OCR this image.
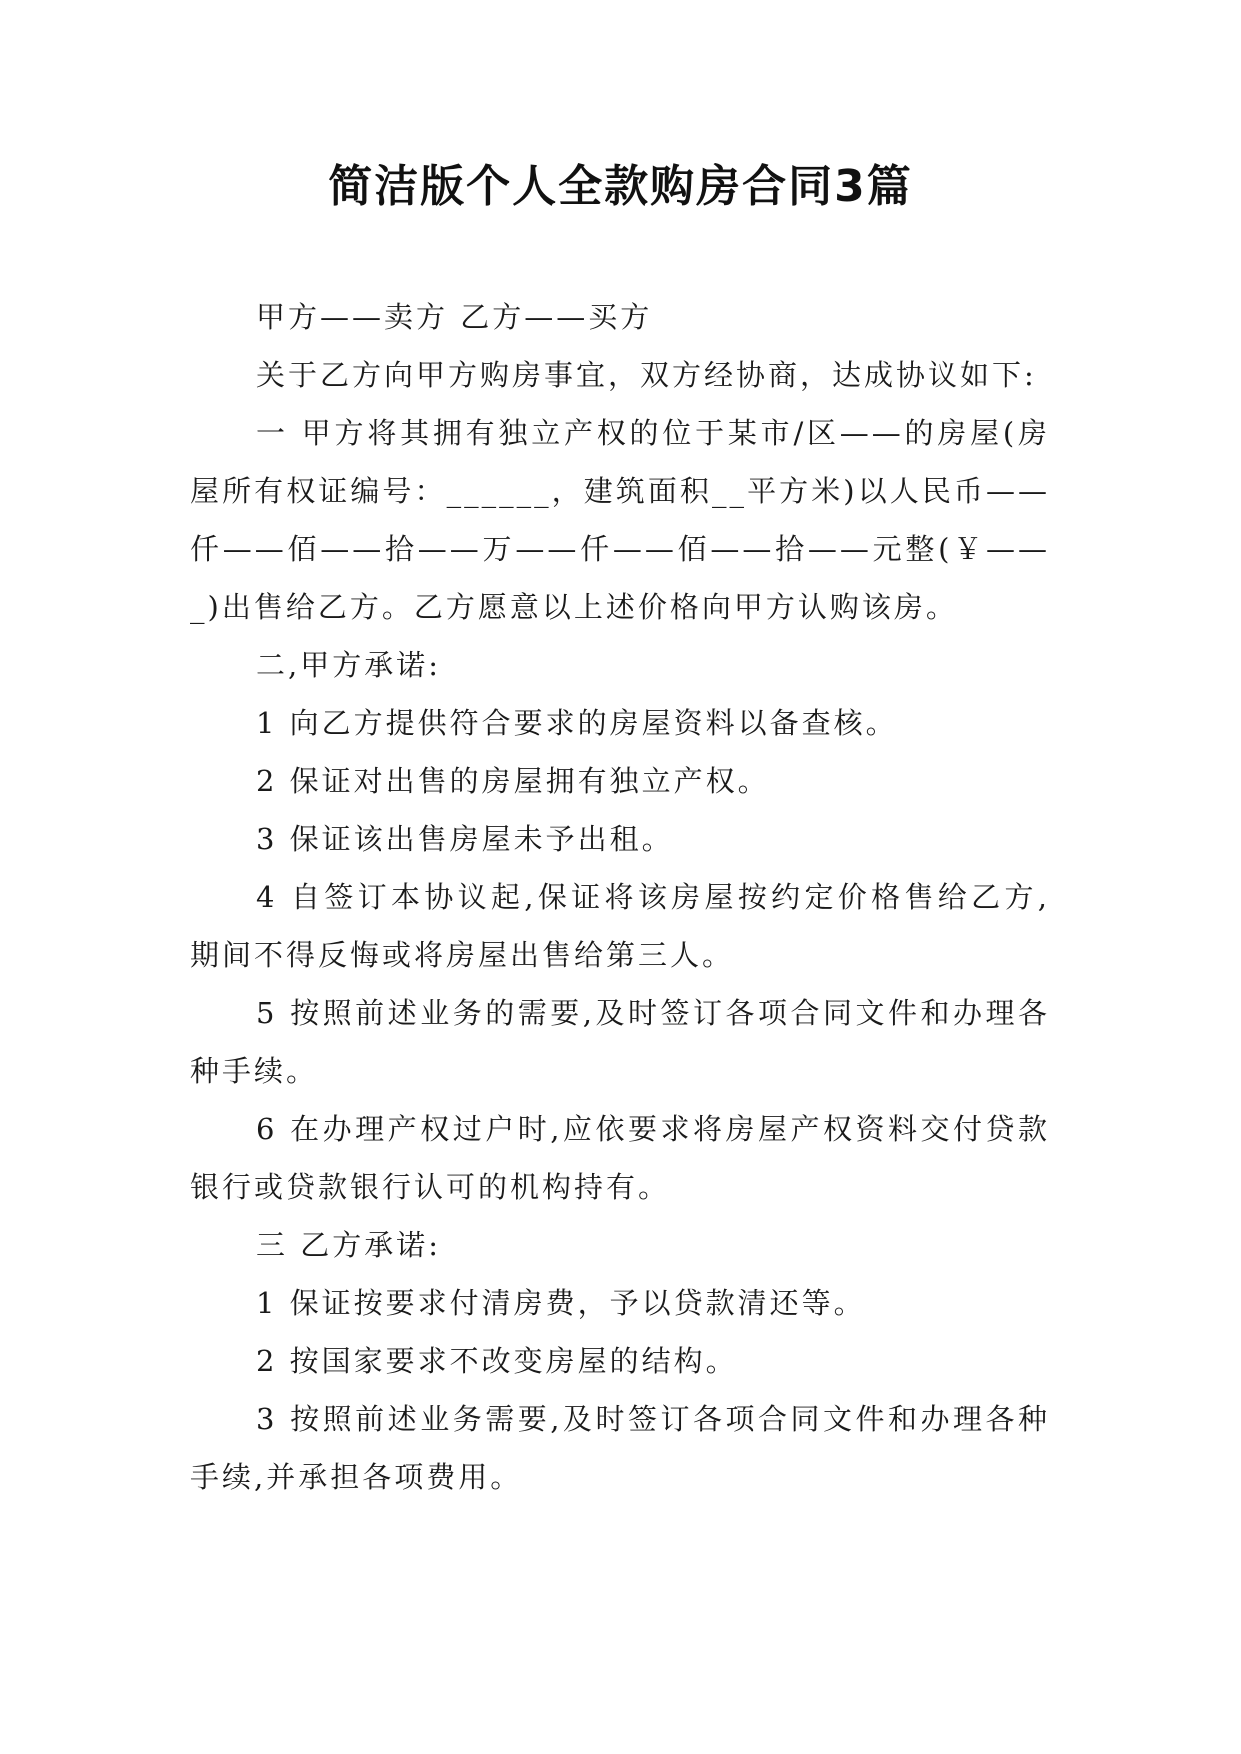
简洁版个人全款购房合同3篇

甲方——卖方 乙方——买方

关于乙方向甲方购房事宜，双方经协商，达成协议如下:

一 甲方将其拥有独立产权的位于某市/区——的房屋(房屋所有权证编号：______，建筑面积__平方米)以人民币——仟——佰——拾——万——仟——佰——拾——元整(￥——_)出售给乙方。乙方愿意以上述价格向甲方认购该房。

二,甲方承诺:

1 向乙方提供符合要求的房屋资料以备查核。

2 保证对出售的房屋拥有独立产权。

3 保证该出售房屋未予出租。

4 自签订本协议起,保证将该房屋按约定价格售给乙方,期间不得反悔或将房屋出售给第三人。

5 按照前述业务的需要,及时签订各项合同文件和办理各种手续。

6 在办理产权过户时,应依要求将房屋产权资料交付贷款银行或贷款银行认可的机构持有。

三 乙方承诺:

1 保证按要求付清房费，予以贷款清还等。

2 按国家要求不改变房屋的结构。

3 按照前述业务需要,及时签订各项合同文件和办理各种手续,并承担各项费用。
